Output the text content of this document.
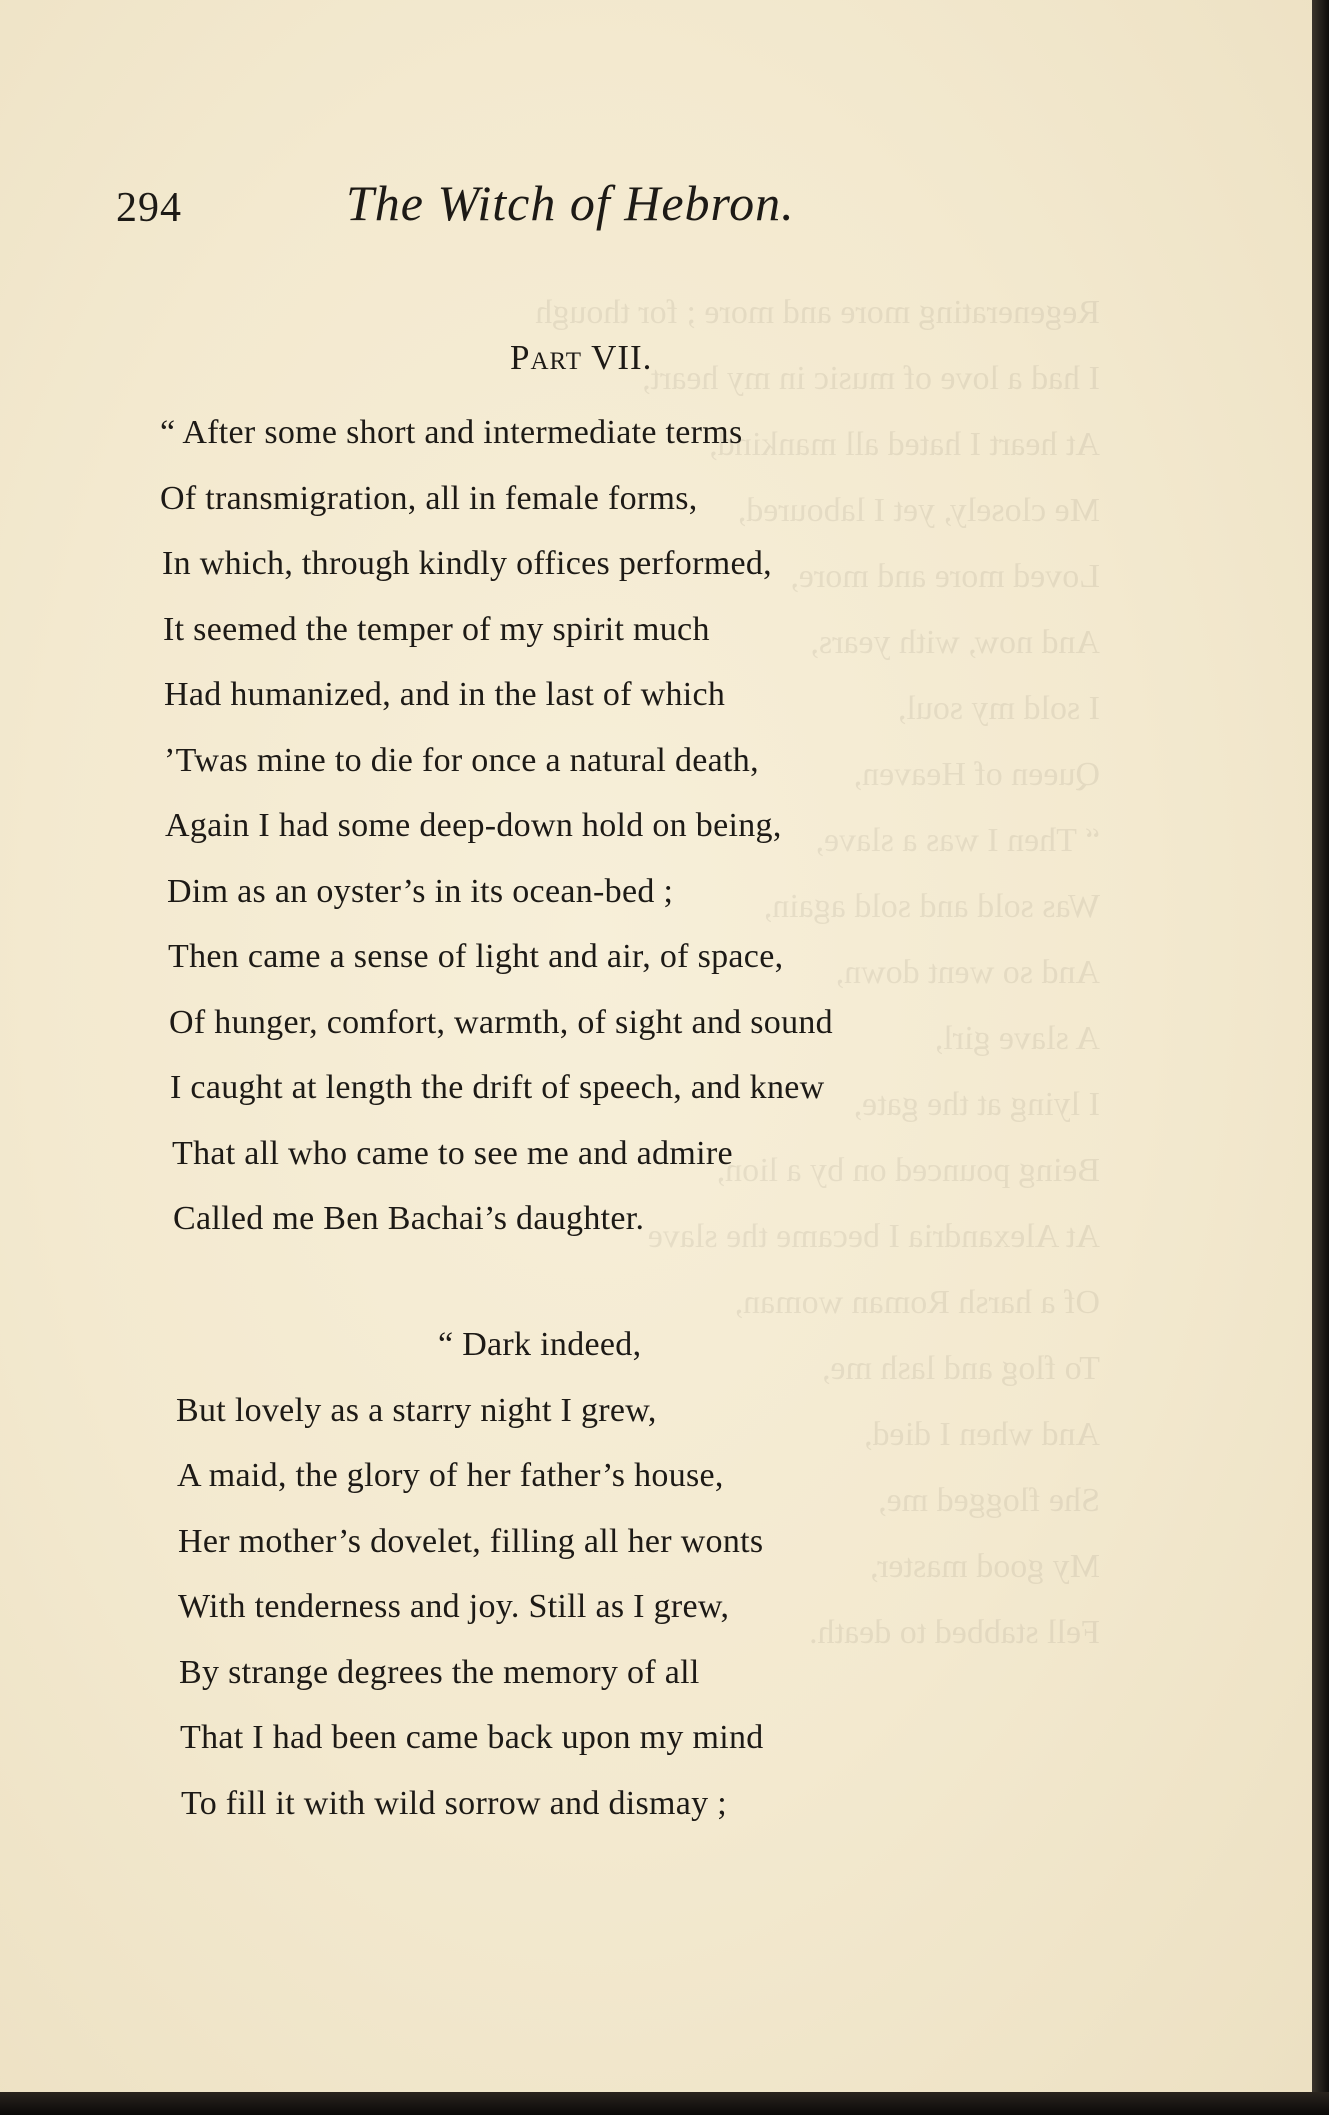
Regenerating more and more ; for though
I had a love of music in my heart,
At heart I hated all mankind,
Me closely, yet I laboured,
Loved more and more,
And now, with years,
I sold my soul,
Queen of Heaven,
“ Then I was a slave,
Was sold and sold again,
And so went down,
A slave girl,
I lying at the gate,
Being pounced on by a lion,
At Alexandria I became the slave
Of a harsh Roman woman,
To flog and lash me,
And when I died,
She flogged me,
My good master,
Fell stabbed to death.
294	The Witch of Hebron.
Part VII.
“ After some short and intermediate terms
Of transmigration, all in female forms,
In which, through kindly offices performed,
It seemed the temper of my spirit much
Had humanized, and in the last of which
’Twas mine to die for once a natural death,
Again I had some deep-down hold on being,
Dim as an oyster’s in its ocean-bed ;
Then came a sense of light and air, of space,
Of hunger, comfort, warmth, of sight and sound
I caught at length the drift of speech, and knew
That all who came to see me and admire
Called me Ben Bachai’s daughter.
“ Dark indeed,
But lovely as a starry night I grew,
A maid, the glory of her father’s house,
Her mother’s dovelet, filling all her wonts
With tenderness and joy. Still as I grew,
By strange degrees the memory of all
That I had been came back upon my mind
To fill it with wild sorrow and dismay ;
